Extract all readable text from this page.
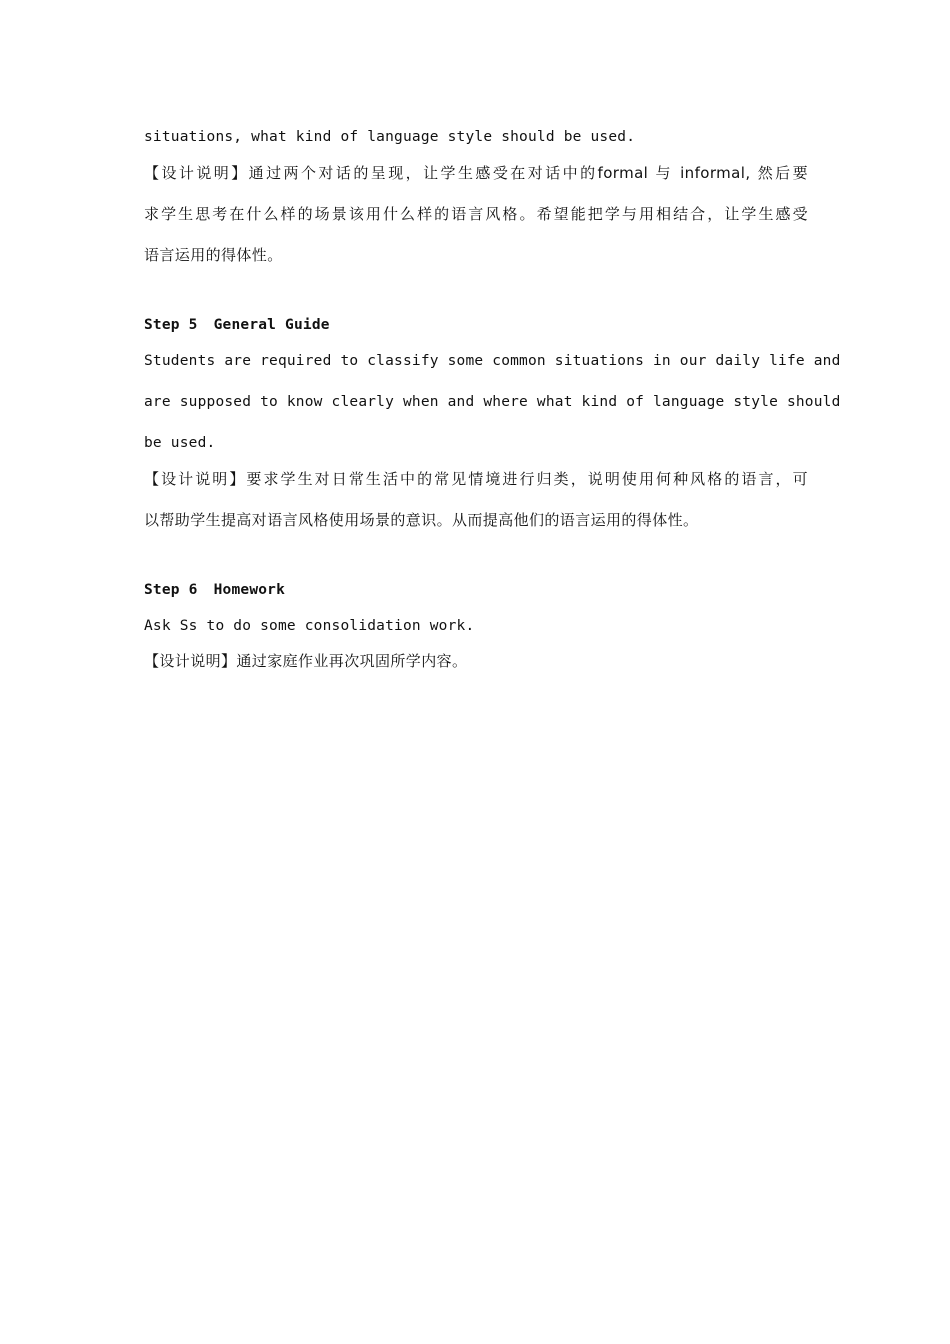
situations, what kind of language style should be used.
【设计说明】通过两个对话的呈现，让学生感受在对话中的formal 与 informal, 然后要
求学生思考在什么样的场景该用什么样的语言风格。希望能把学与用相结合，让学生感受
语言运用的得体性。
Step 5 General Guide
Students are required to classify some common situations in our daily life and
are supposed to know clearly when and where what kind of language style should
be used.
【设计说明】要求学生对日常生活中的常见情境进行归类，说明使用何种风格的语言，可
以帮助学生提高对语言风格使用场景的意识。从而提高他们的语言运用的得体性。
Step 6 Homework
Ask Ss to do some consolidation work.
【设计说明】通过家庭作业再次巩固所学内容。
